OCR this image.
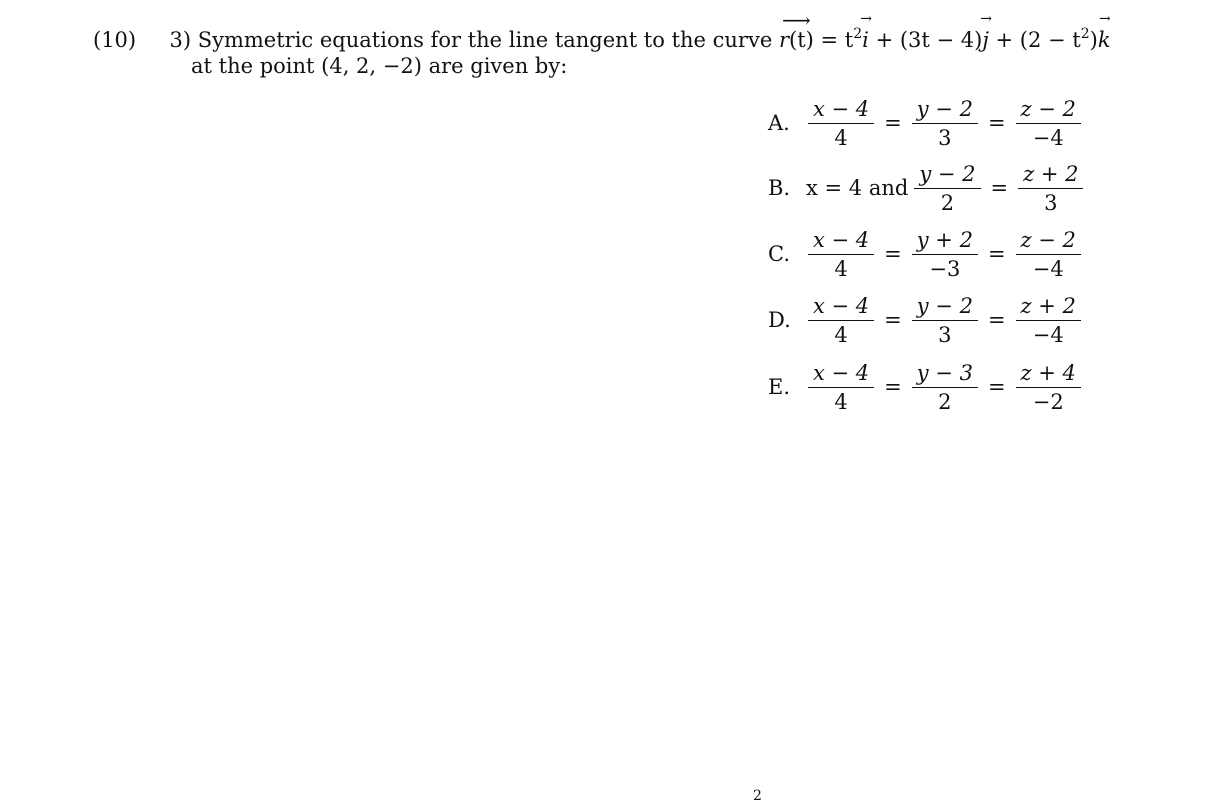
(10) 3) Symmetric equations for the line tangent to the curve ⟶ $r(t) = t^2\to i + (3t - 4)\to j + (2 - t^2)\to k$
at the point (4, 2, −2) are given by:
A. $\frac{x - 4}{4} = \frac{y - 2}{3} = \frac{z - 2}{-4}$
B. x = 4 and $\frac{y - 2}{2} = \frac{z + 2}{3}$
C. $\frac{x - 4}{4} = \frac{y + 2}{-3} = \frac{z - 2}{-4}$
D. $\frac{x - 4}{4} = \frac{y - 2}{3} = \frac{z + 2}{-4}$
E. $\frac{x - 4}{4} = \frac{y - 3}{2} = \frac{z + 4}{-2}$
2
